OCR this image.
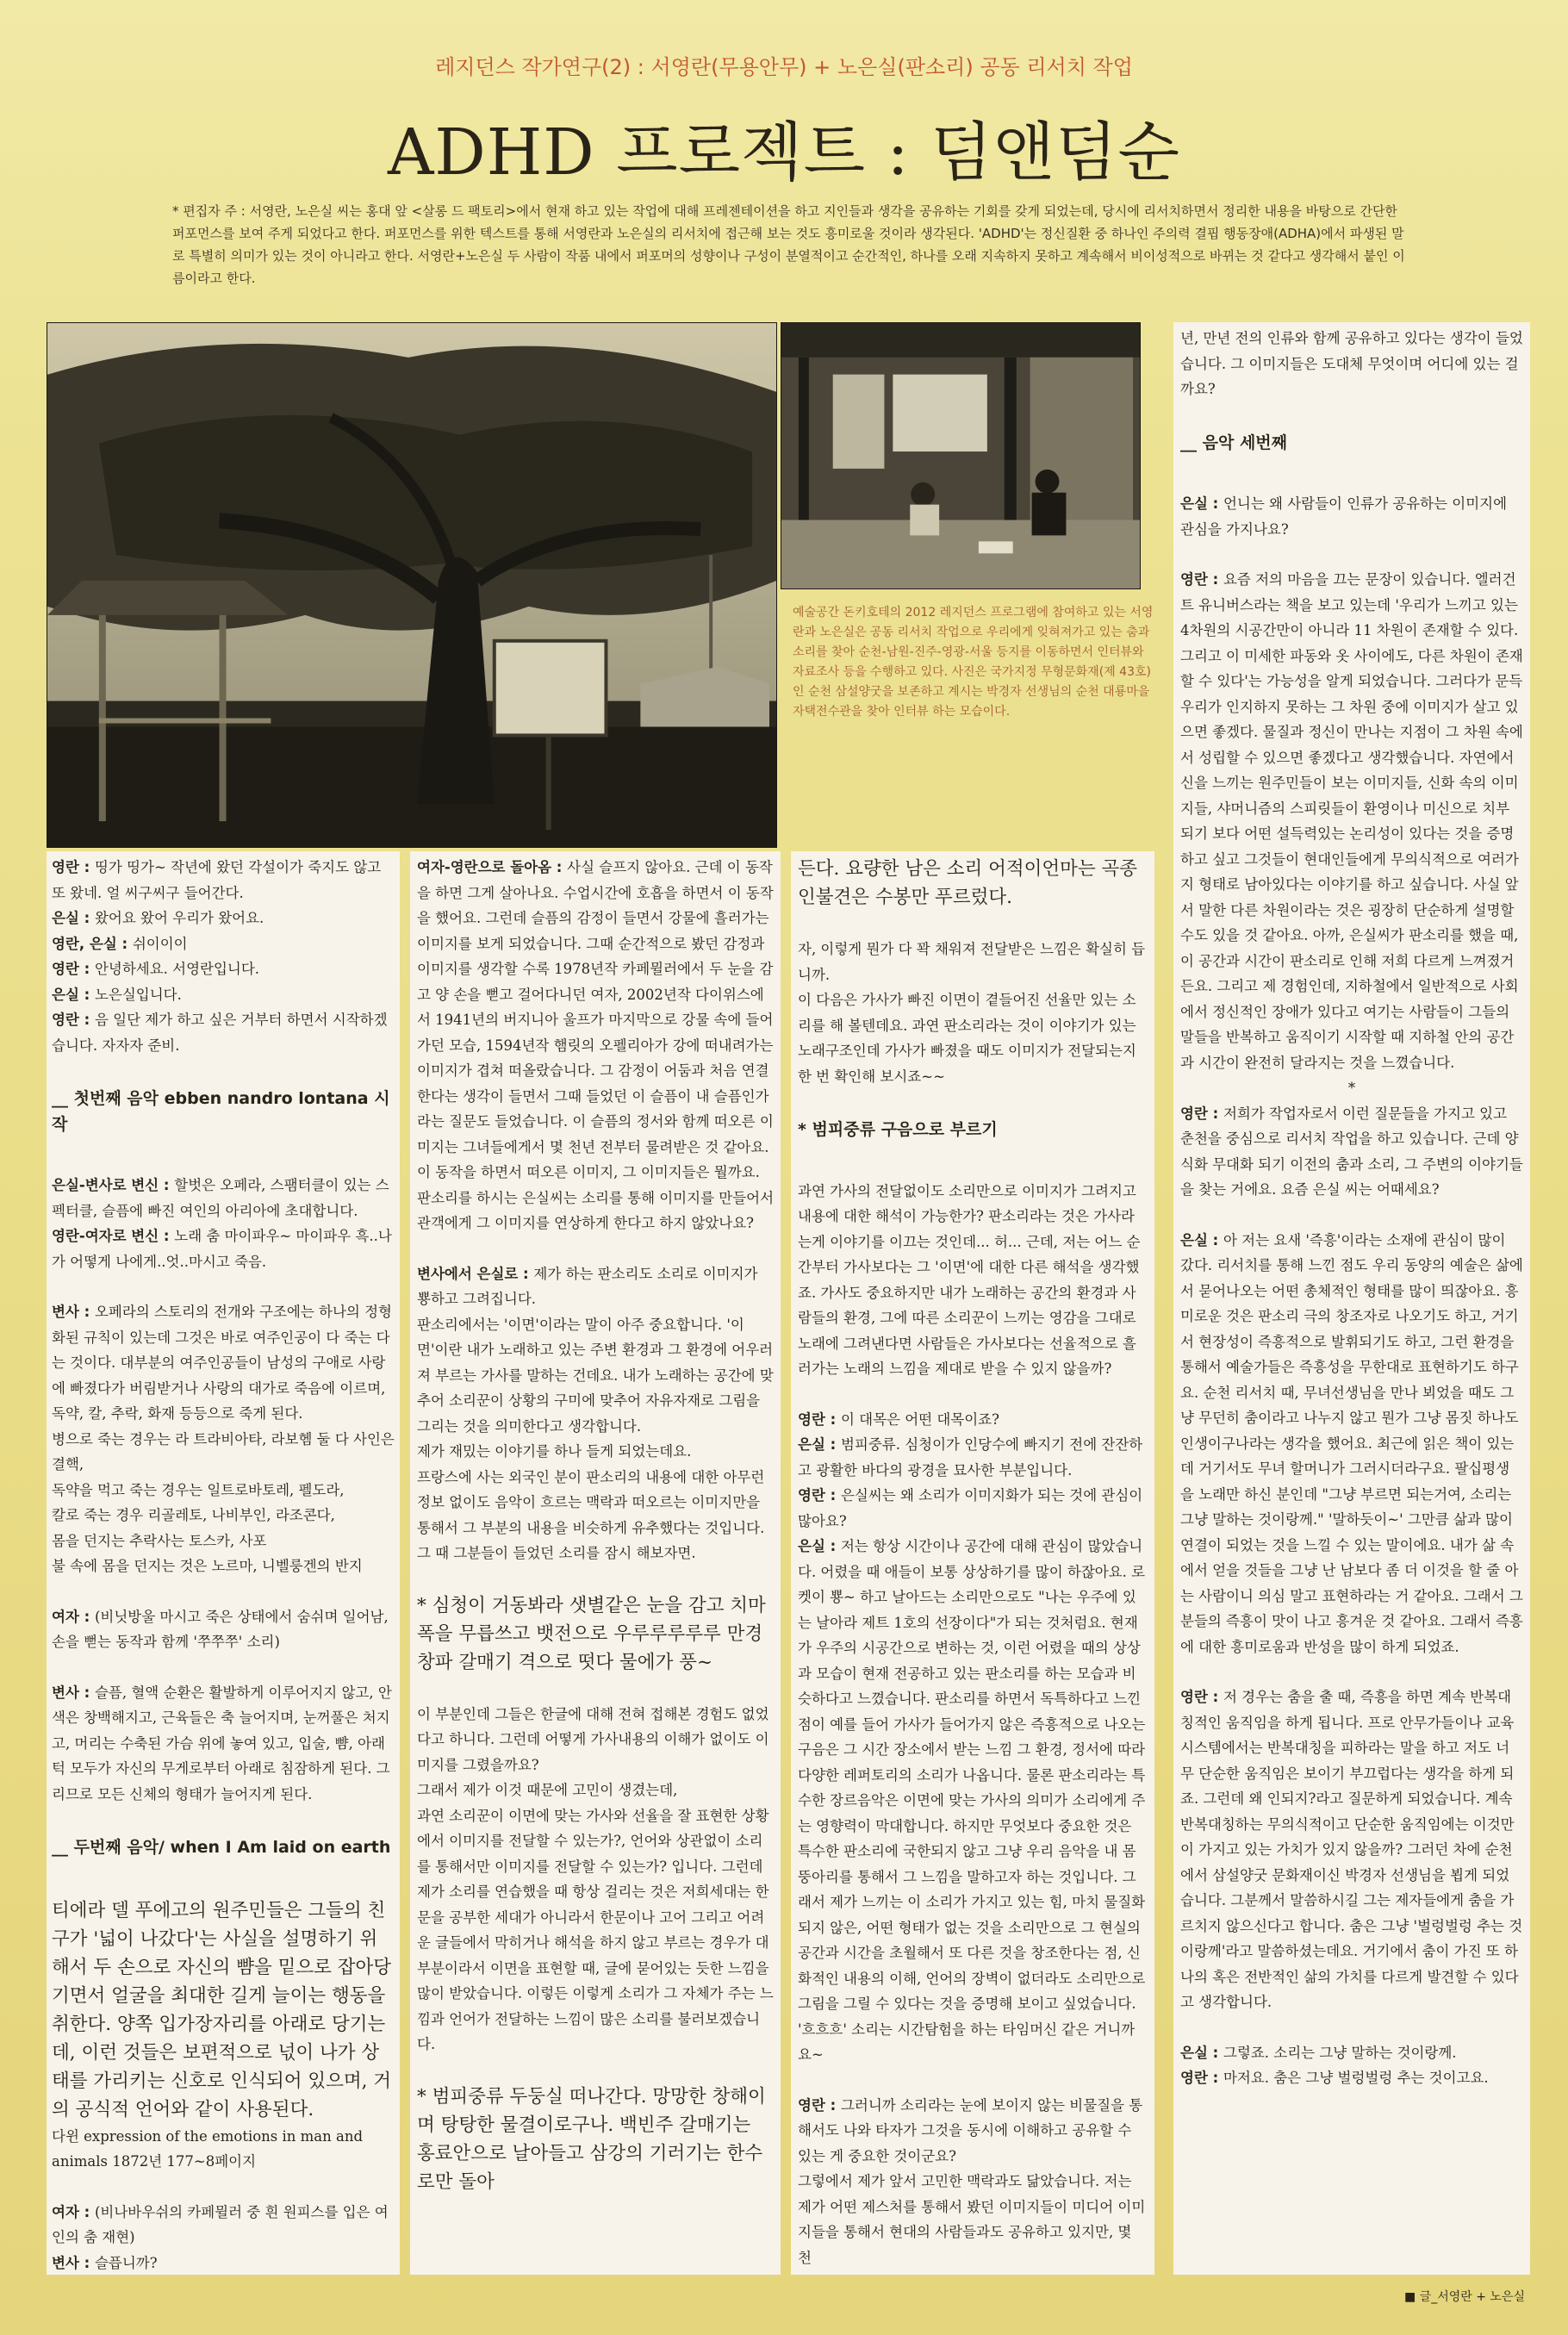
레지던스 작가연구(2) : 서영란(무용안무) + 노은실(판소리) 공동 리서치 작업
ADHD 프로젝트 : 덤앤덤순
* 편집자 주 : 서영란, 노은실 씨는 홍대 앞 <살롱 드 팩토리>에서 현재 하고 있는 작업에 대해 프레젠테이션을 하고 지인들과 생각을 공유하는 기회를 갖게 되었는데, 당시에 리서치하면서 정리한 내용을 바탕으로 간단한 퍼포먼스를 보여 주게 되었다고 한다. 퍼포먼스를 위한 텍스트를 통해 서영란과 노은실의 리서치에 접근해 보는 것도 흥미로울 것이라 생각된다. 'ADHD'는 정신질환 중 하나인 주의력 결핍 행동장애(ADHA)에서 파생된 말로 특별히 의미가 있는 것이 아니라고 한다. 서영란+노은실 두 사람이 작품 내에서 퍼포머의 성향이나 구성이 분열적이고 순간적인, 하나를 오래 지속하지 못하고 계속해서 비이성적으로 바뀌는 것 같다고 생각해서 붙인 이름이라고 한다.
예술공간 돈키호테의 2012 레지던스 프로그램에 참여하고 있는 서영란과 노은실은 공동 리서치 작업으로 우리에게 잊혀져가고 있는 춤과 소리를 찾아 순천-남원-진주-영광-서울 등지를 이동하면서 인터뷰와 자료조사 등을 수행하고 있다. 사진은 국가지정 무형문화재(제 43호)인 순천 삼설양굿을 보존하고 계시는 박경자 선생님의 순천 대룡마을 자택전수관을 찾아 인터뷰 하는 모습이다.

영란 : 띵가 띵가~ 작년에 왔던 각설이가 죽지도 않고 또 왔네. 얼 씨구씨구 들어간다.

은실 : 왔어요 왔어 우리가 왔어요.

영란, 은실 : 쉬이이이

영란 : 안녕하세요. 서영란입니다.

은실 : 노은실입니다.

영란 : 음 일단 제가 하고 싶은 거부터 하면서 시작하겠습니다. 자자자 준비.

__ 첫번째 음악 ebben nandro lontana 시작

은실-변사로 변신 : 할벗은 오페라, 스팸터클이 있는 스펙터클, 슬픔에 빠진 여인의 아리아에 초대합니다.

영란-여자로 변신 : 노래 춤 마이파우~ 마이파우 흑..나가 어떻게 나에게..엇..마시고 죽음.

변사 : 오페라의 스토리의 전개와 구조에는 하나의 정형화된 규칙이 있는데 그것은 바로 여주인공이 다 죽는 다는 것이다. 대부분의 여주인공들이 남성의 구애로 사랑에 빠졌다가 버림받거나 사랑의 대가로 죽음에 이르며, 독약, 칼, 추락, 화재 등등으로 죽게 된다.

병으로 죽는 경우는 라 트라비아타, 라보헴 둘 다 사인은 결핵,

독약을 먹고 죽는 경우는 일트로바토레, 펠도라,

칼로 죽는 경우 리골레토, 나비부인, 라조콘다,

몸을 던지는 추락사는 토스카, 사포

불 속에 몸을 던지는 것은 노르마, 니벨룽겐의 반지

여자 : (비닛방울 마시고 죽은 상태에서 숨쉬며 일어남, 손을 뻗는 동작과 함께 '쭈쭈쭈' 소리)

변사 : 슬픔, 혈액 순환은 활발하게 이루어지지 않고, 안색은 창백해지고, 근육들은 축 늘어지며, 눈꺼풀은 처지고, 머리는 수축된 가슴 위에 놓여 있고, 입술, 뺨, 아래턱 모두가 자신의 무게로부터 아래로 침잠하게 된다. 그리므로 모든 신체의 형태가 늘어지게 된다.

__ 두번째 음악/ when I Am laid on earth

티에라 델 푸에고의 원주민들은 그들의 친구가 '넓이 나갔다'는 사실을 설명하기 위해서 두 손으로 자신의 뺨을 밑으로 잡아당기면서 얼굴을 최대한 길게 늘이는 행동을 취한다. 양쪽 입가장자리를 아래로 당기는데, 이런 것들은 보편적으로 넋이 나가 상태를 가리키는 신호로 인식되어 있으며, 거의 공식적 언어와 같이 사용된다.

다윈 expression of the emotions in man and animals 1872년 177~8페이지

여자 : (비나바우쉬의 카페뮐러 중 흰 원피스를 입은 여인의 춤 재현)

변사 : 슬픕니까?

여자-영란으로 돌아옴 : 사실 슬프지 않아요. 근데 이 동작을 하면 그게 살아나요. 수업시간에 호흡을 하면서 이 동작을 했어요. 그런데 슬픔의 감정이 들면서 강물에 흘러가는 이미지를 보게 되었습니다. 그때 순간적으로 봤던 감정과 이미지를 생각할 수록 1978년작 카페뮐러에서 두 눈을 감고 양 손을 뻗고 걸어다니던 여자, 2002년작 다이위스에서 1941년의 버지니아 울프가 마지막으로 강물 속에 들어가던 모습, 1594년작 햄릿의 오펠리아가 강에 떠내려가는 이미지가 겹쳐 떠올랐습니다. 그 감정이 어둠과 처음 연결한다는 생각이 들면서 그때 들었던 이 슬픔이 내 슬픔인가라는 질문도 들었습니다. 이 슬픔의 정서와 함께 떠오른 이미지는 그녀들에게서 몇 천년 전부터 물려받은 것 같아요.

이 동작을 하면서 떠오른 이미지, 그 이미지들은 뭘까요. 판소리를 하시는 은실씨는 소리를 통해 이미지를 만들어서 관객에게 그 이미지를 연상하게 한다고 하지 않았나요?

변사에서 은실로 : 제가 하는 판소리도 소리로 이미지가 뿅하고 그려집니다.

판소리에서는 '이면'이라는 말이 아주 중요합니다. '이면'이란 내가 노래하고 있는 주변 환경과 그 환경에 어우러져 부르는 가사를 말하는 건데요. 내가 노래하는 공간에 맞추어 소리꾼이 상황의 구미에 맞추어 자유자재로 그림을 그리는 것을 의미한다고 생각합니다.

제가 재밌는 이야기를 하나 들게 되었는데요.

프랑스에 사는 외국인 분이 판소리의 내용에 대한 아무런 정보 없이도 음악이 흐르는 맥락과 떠오르는 이미지만을 통해서 그 부분의 내용을 비슷하게 유추했다는 것입니다. 그 때 그분들이 들었던 소리를 잠시 해보자면.

* 심청이 거동봐라 샛별같은 눈을 감고 치마폭을 무릅쓰고 뱃전으로 우루루루루루 만경창파 갈매기 격으로 떳다 물에가 풍~

이 부분인데 그들은 한글에 대해 전혀 접해본 경험도 없었다고 하니다. 그런데 어떻게 가사내용의 이해가 없이도 이미지를 그렸을까요?

그래서 제가 이것 때문에 고민이 생겼는데,

과연 소리꾼이 이면에 맞는 가사와 선율을 잘 표현한 상황에서 이미지를 전달할 수 있는가?, 언어와 상관없이 소리를 통해서만 이미지를 전달할 수 있는가? 입니다. 그런데 제가 소리를 연습했을 때 항상 걸리는 것은 저희세대는 한문을 공부한 세대가 아니라서 한문이나 고어 그리고 어려운 글들에서 막히거나 해석을 하지 않고 부르는 경우가 대부분이라서 이면을 표현할 때, 글에 묻어있는 듯한 느낌을 많이 받았습니다. 이렇든 이렇게 소리가 그 자체가 주는 느낌과 언어가 전달하는 느낌이 많은 소리를 불러보겠습니다.

* 범피중류 두둥실 떠나간다. 망망한 창해이며 탕탕한 물결이로구나. 백빈주 갈매기는 홍료안으로 날아들고 삼강의 기러기는 한수로만 돌아

든다. 요량한 남은 소리 어적이언마는 곡종인불견은 수봉만 푸르렀다.

자, 이렇게 뭔가 다 꽉 채워져 전달받은 느낌은 확실히 듭니까.

이 다음은 가사가 빠진 이면이 곁들어진 선율만 있는 소리를 해 볼텐데요. 과연 판소리라는 것이 이야기가 있는 노래구조인데 가사가 빠졌을 때도 이미지가 전달되는지 한 번 확인해 보시죠~~

* 범피중류 구음으로 부르기

과연 가사의 전달없이도 소리만으로 이미지가 그려지고 내용에 대한 해석이 가능한가? 판소리라는 것은 가사라는게 이야기를 이끄는 것인데... 허... 근데, 저는 어느 순간부터 가사보다는 그 '이면'에 대한 다른 해석을 생각했죠. 가사도 중요하지만 내가 노래하는 공간의 환경과 사람들의 환경, 그에 따른 소리꾼이 느끼는 영감을 그대로 노래에 그려낸다면 사람들은 가사보다는 선율적으로 흘러가는 노래의 느낌을 제대로 받을 수 있지 않을까?

영란 : 이 대목은 어떤 대목이죠?

은실 : 범피중류. 심청이가 인당수에 빠지기 전에 잔잔하고 광활한 바다의 광경을 묘사한 부분입니다.

영란 : 은실씨는 왜 소리가 이미지화가 되는 것에 관심이 많아요?

은실 : 저는 항상 시간이나 공간에 대해 관심이 많았습니다. 어렸을 때 애들이 보통 상상하기를 많이 하잖아요. 로켓이 뿅~ 하고 날아드는 소리만으로도 "나는 우주에 있는 날아라 제트 1호의 선장이다"가 되는 것처럼요. 현재가 우주의 시공간으로 변하는 것, 이런 어렸을 때의 상상과 모습이 현재 전공하고 있는 판소리를 하는 모습과 비슷하다고 느꼈습니다. 판소리를 하면서 독특하다고 느낀 점이 예를 들어 가사가 들어가지 않은 즉흥적으로 나오는 구음은 그 시간 장소에서 받는 느낌 그 환경, 정서에 따라 다양한 레퍼토리의 소리가 나옵니다. 물론 판소리라는 특수한 장르음악은 이면에 맞는 가사의 의미가 소리에게 주는 영향력이 막대합니다. 하지만 무엇보다 중요한 것은 특수한 판소리에 국한되지 않고 그냥 우리 음악을 내 몸뚱아리를 통해서 그 느낌을 말하고자 하는 것입니다. 그래서 제가 느끼는 이 소리가 가지고 있는 힘, 마치 물질화되지 않은, 어떤 형태가 없는 것을 소리만으로 그 현실의 공간과 시간을 초월해서 또 다른 것을 창조한다는 점, 신화적인 내용의 이해, 언어의 장벽이 없더라도 소리만으로 그림을 그릴 수 있다는 것을 증명해 보이고 싶었습니다. '흐흐흐' 소리는 시간탐험을 하는 타임머신 같은 거니까요~

영란 : 그러니까 소리라는 눈에 보이지 않는 비물질을 통해서도 나와 타자가 그것을 동시에 이해하고 공유할 수 있는 게 중요한 것이군요?

그렇에서 제가 앞서 고민한 맥락과도 닮았습니다. 저는 제가 어떤 제스처를 통해서 봤던 이미지들이 미디어 이미지들을 통해서 현대의 사람들과도 공유하고 있지만, 몇 천

년, 만년 전의 인류와 함께 공유하고 있다는 생각이 들었습니다. 그 이미지들은 도대체 무엇이며 어디에 있는 걸까요?

__ 음악 세번째

은실 : 언니는 왜 사람들이 인류가 공유하는 이미지에 관심을 가지나요?

영란 : 요즘 저의 마음을 끄는 문장이 있습니다. 엘러건트 유니버스라는 책을 보고 있는데 '우리가 느끼고 있는 4차원의 시공간만이 아니라 11 차원이 존재할 수 있다. 그리고 이 미세한 파동와 옷 사이에도, 다른 차원이 존재할 수 있다'는 가능성을 알게 되었습니다. 그러다가 문득 우리가 인지하지 못하는 그 차원 중에 이미지가 살고 있으면 좋겠다. 물질과 정신이 만나는 지점이 그 차원 속에서 성립할 수 있으면 좋겠다고 생각했습니다. 자연에서 신을 느끼는 원주민들이 보는 이미지들, 신화 속의 이미지들, 샤머니즘의 스피릿들이 환영이나 미신으로 치부되기 보다 어떤 설득력있는 논리성이 있다는 것을 증명하고 싶고 그것들이 현대인들에게 무의식적으로 여러가지 형태로 남아있다는 이야기를 하고 싶습니다. 사실 앞서 말한 다른 차원이라는 것은 굉장히 단순하게 설명할 수도 있을 것 같아요. 아까, 은실씨가 판소리를 했을 때, 이 공간과 시간이 판소리로 인해 저희 다르게 느껴졌거든요. 그리고 제 경험인데, 지하철에서 일반적으로 사회에서 정신적인 장애가 있다고 여기는 사람들이 그들의 말들을 반복하고 움직이기 시작할 때 지하철 안의 공간과 시간이 완전히 달라지는 것을 느꼈습니다.

*

영란 : 저희가 작업자로서 이런 질문들을 가지고 있고 춘천을 중심으로 리서치 작업을 하고 있습니다. 근데 양식화 무대화 되기 이전의 춤과 소리, 그 주변의 이야기들을 찾는 거에요. 요즘 은실 씨는 어때세요?

은실 : 아 저는 요새 '즉흥'이라는 소재에 관심이 많이 갔다. 리서치를 통해 느낀 점도 우리 동양의 예술은 삶에서 묻어나오는 어떤 총체적인 형태를 많이 띄잖아요. 흥미로운 것은 판소리 극의 창조자로 나오기도 하고, 거기서 현장성이 즉흥적으로 발휘되기도 하고, 그런 환경을 통해서 예술가들은 즉흥성을 무한대로 표현하기도 하구요. 순천 리서치 때, 무녀선생님을 만나 뵈었을 때도 그냥 무던히 춤이라고 나누지 않고 뭔가 그냥 몸짓 하나도 인생이구나라는 생각을 했어요. 최근에 읽은 책이 있는데 거기서도 무녀 할머니가 그러시더라구요. 팔십평생을 노래만 하신 분인데 "그냥 부르면 되는거여, 소리는 그냥 말하는 것이랑께." '말하듯이~' 그만큼 삶과 많이 연결이 되었는 것을 느낄 수 있는 말이에요. 내가 삶 속에서 얻을 것들을 그냥 난 남보다 좀 더 이것을 할 줄 아는 사람이니 의심 말고 표현하라는 거 같아요. 그래서 그 분들의 즉흥이 맛이 나고 흥겨운 것 같아요. 그래서 즉흥에 대한 흥미로움과 반성을 많이 하게 되었죠.

영란 : 저 경우는 춤을 출 때, 즉흥을 하면 계속 반복대칭적인 움직임을 하게 됩니다. 프로 안무가들이나 교육시스템에서는 반복대칭을 피하라는 말을 하고 저도 너무 단순한 움직임은 보이기 부끄럽다는 생각을 하게 되죠. 그런데 왜 인되지?라고 질문하게 되었습니다. 계속 반복대칭하는 무의식적이고 단순한 움직임에는 이것만이 가지고 있는 가치가 있지 않을까? 그러던 차에 순천에서 삼설양굿 문화재이신 박경자 선생님을 뵙게 되었습니다. 그분께서 말씀하시길 그는 제자들에게 춤을 가르치지 않으신다고 합니다. 춤은 그냥 '벌렁벌렁 추는 것이랑께'라고 말씀하셨는데요. 거기에서 춤이 가진 또 하나의 혹은 전반적인 삶의 가치를 다르게 발견할 수 있다고 생각합니다.

은실 : 그렇죠. 소리는 그냥 말하는 것이랑께.

영란 : 마저요. 춤은 그냥 벌렁벌렁 추는 것이고요.

■ 글_서영란 + 노은실
